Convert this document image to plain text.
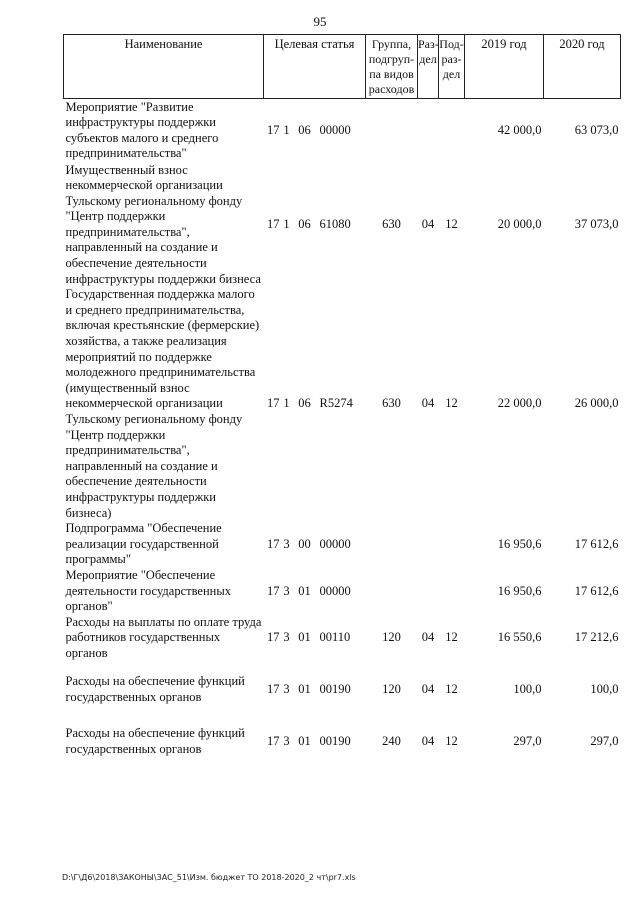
95
Наименование	Целевая статья	Группа, подгруп-па видов расходов	Раз-дел	Под-раз-дел	2019 год	2020 год
Мероприятие "Развитие инфраструктуры поддержки субъектов малого и среднего предпринимательства"	17 1 06 00000				42 000,0	63 073,0
Имущественный взнос некоммерческой организации Тульскому региональному фонду "Центр поддержки предпринимательства", направленный на создание и обеспечение деятельности инфраструктуры поддержки бизнеса	17 1 06 61080	630	04	12	20 000,0	37 073,0
Государственная поддержка малого и среднего предпринимательства, включая крестьянские (фермерские) хозяйства, а также реализация мероприятий по поддержке молодежного предпринимательства (имущественный взнос некоммерческой организации Тульскому региональному фонду "Центр поддержки предпринимательства", направленный на создание и обеспечение деятельности инфраструктуры поддержки бизнеса)	17 1 06 R5274	630	04	12	22 000,0	26 000,0
Подпрограмма "Обеспечение реализации государственной программы"	17 3 00 00000				16 950,6	17 612,6
Мероприятие "Обеспечение деятельности государственных органов"	17 3 01 00000				16 950,6	17 612,6
Расходы на выплаты по оплате труда работников государственных органов	17 3 01 00110	120	04	12	16 550,6	17 212,6
Расходы на обеспечение функций государственных органов	17 3 01 00190	120	04	12	100,0	100,0
Расходы на обеспечение функций государственных органов	17 3 01 00190	240	04	12	297,0	297,0
D:\Г\Д6\2018\ЗАКОНЫ\ЗАС_51\Изм. бюджет ТО 2018-2020_2 чт\pr7.xls
